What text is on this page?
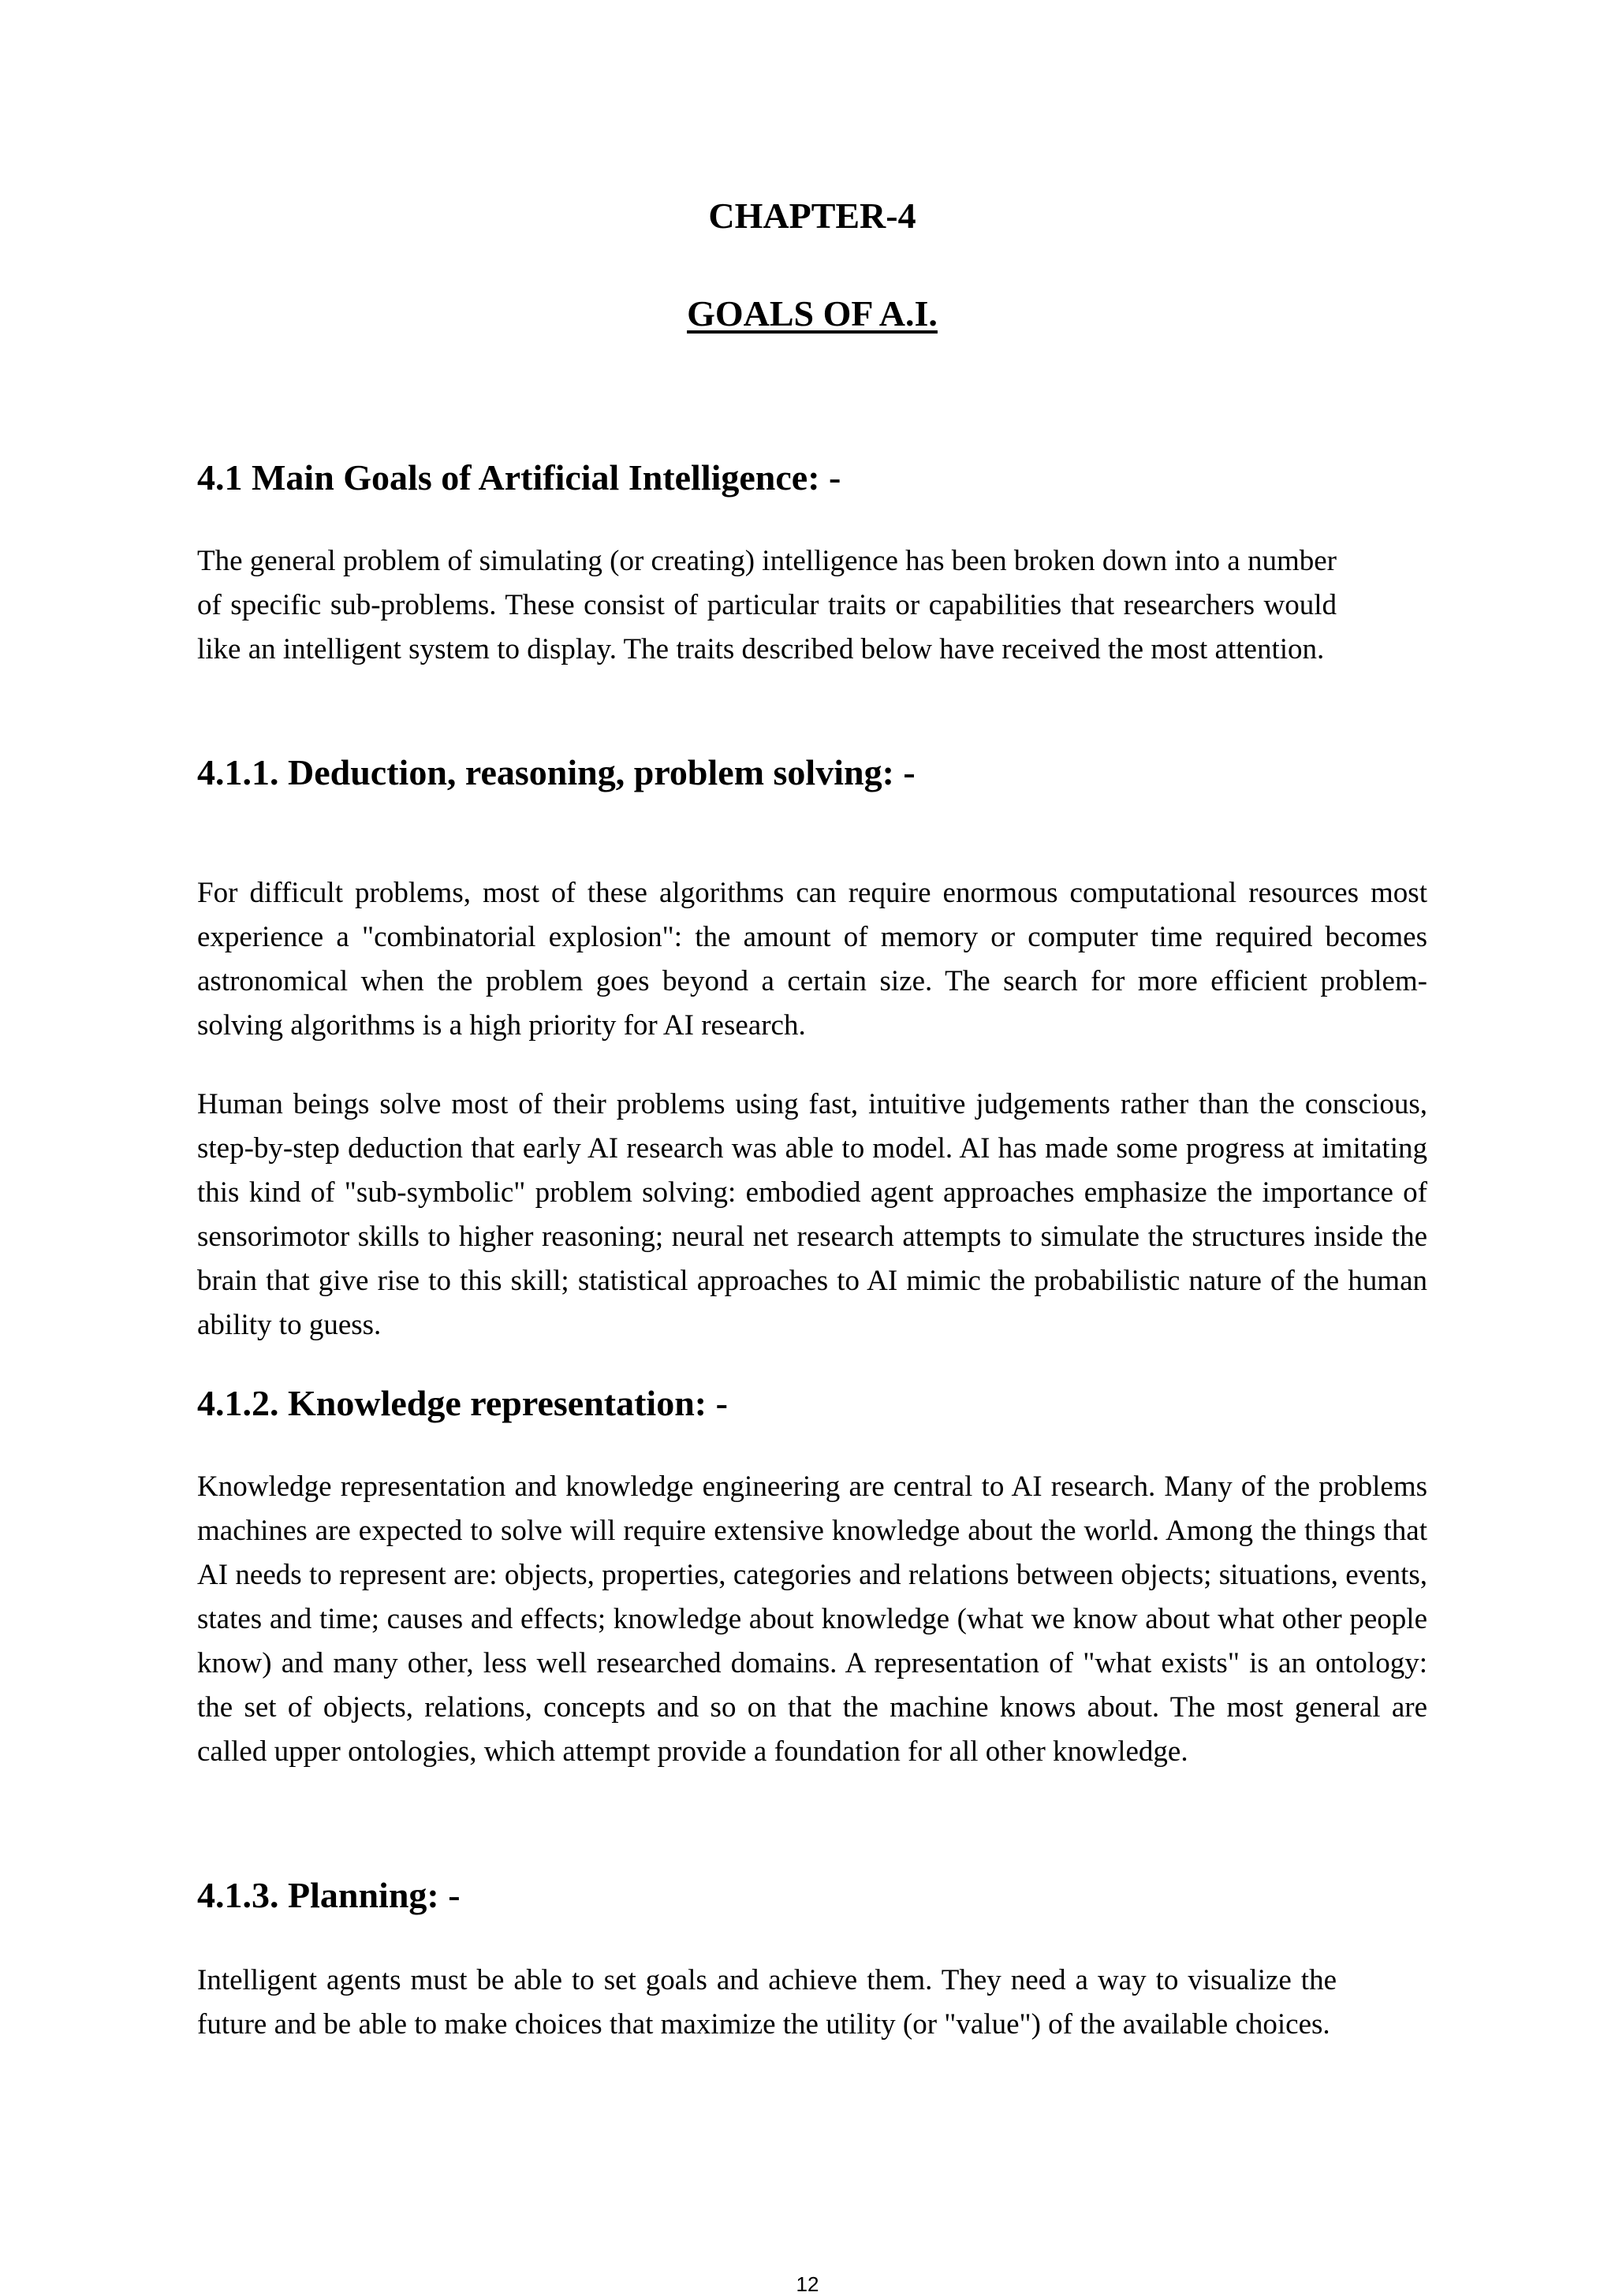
CHAPTER-4
GOALS OF A.I.
4.1 Main Goals of Artificial Intelligence: -
The general problem of simulating (or creating) intelligence has been broken down into a number of specific sub-problems. These consist of particular traits or capabilities that researchers would like an intelligent system to display. The traits described below have received the most attention.
4.1.1. Deduction, reasoning, problem solving: -
For difficult problems, most of these algorithms can require enormous computational resources most experience a "combinatorial explosion": the amount of memory or computer time required becomes astronomical when the problem goes beyond a certain size. The search for more efficient problem-solving algorithms is a high priority for AI research.
Human beings solve most of their problems using fast, intuitive judgements rather than the conscious, step-by-step deduction that early AI research was able to model. AI has made some progress at imitating this kind of "sub-symbolic" problem solving: embodied agent approaches emphasize the importance of sensorimotor skills to higher reasoning; neural net research attempts to simulate the structures inside the brain that give rise to this skill; statistical approaches to AI mimic the probabilistic nature of the human ability to guess.
4.1.2. Knowledge representation: -
Knowledge representation and knowledge engineering are central to AI research. Many of the problems machines are expected to solve will require extensive knowledge about the world. Among the things that AI needs to represent are: objects, properties, categories and relations between objects; situations, events, states and time; causes and effects; knowledge about knowledge (what we know about what other people know) and many other, less well researched domains. A representation of "what exists" is an ontology: the set of objects, relations, concepts and so on that the machine knows about. The most general are called upper ontologies, which attempt provide a foundation for all other knowledge.
4.1.3. Planning: -
Intelligent agents must be able to set goals and achieve them. They need a way to visualize the future and be able to make choices that maximize the utility (or "value") of the available choices.
12
